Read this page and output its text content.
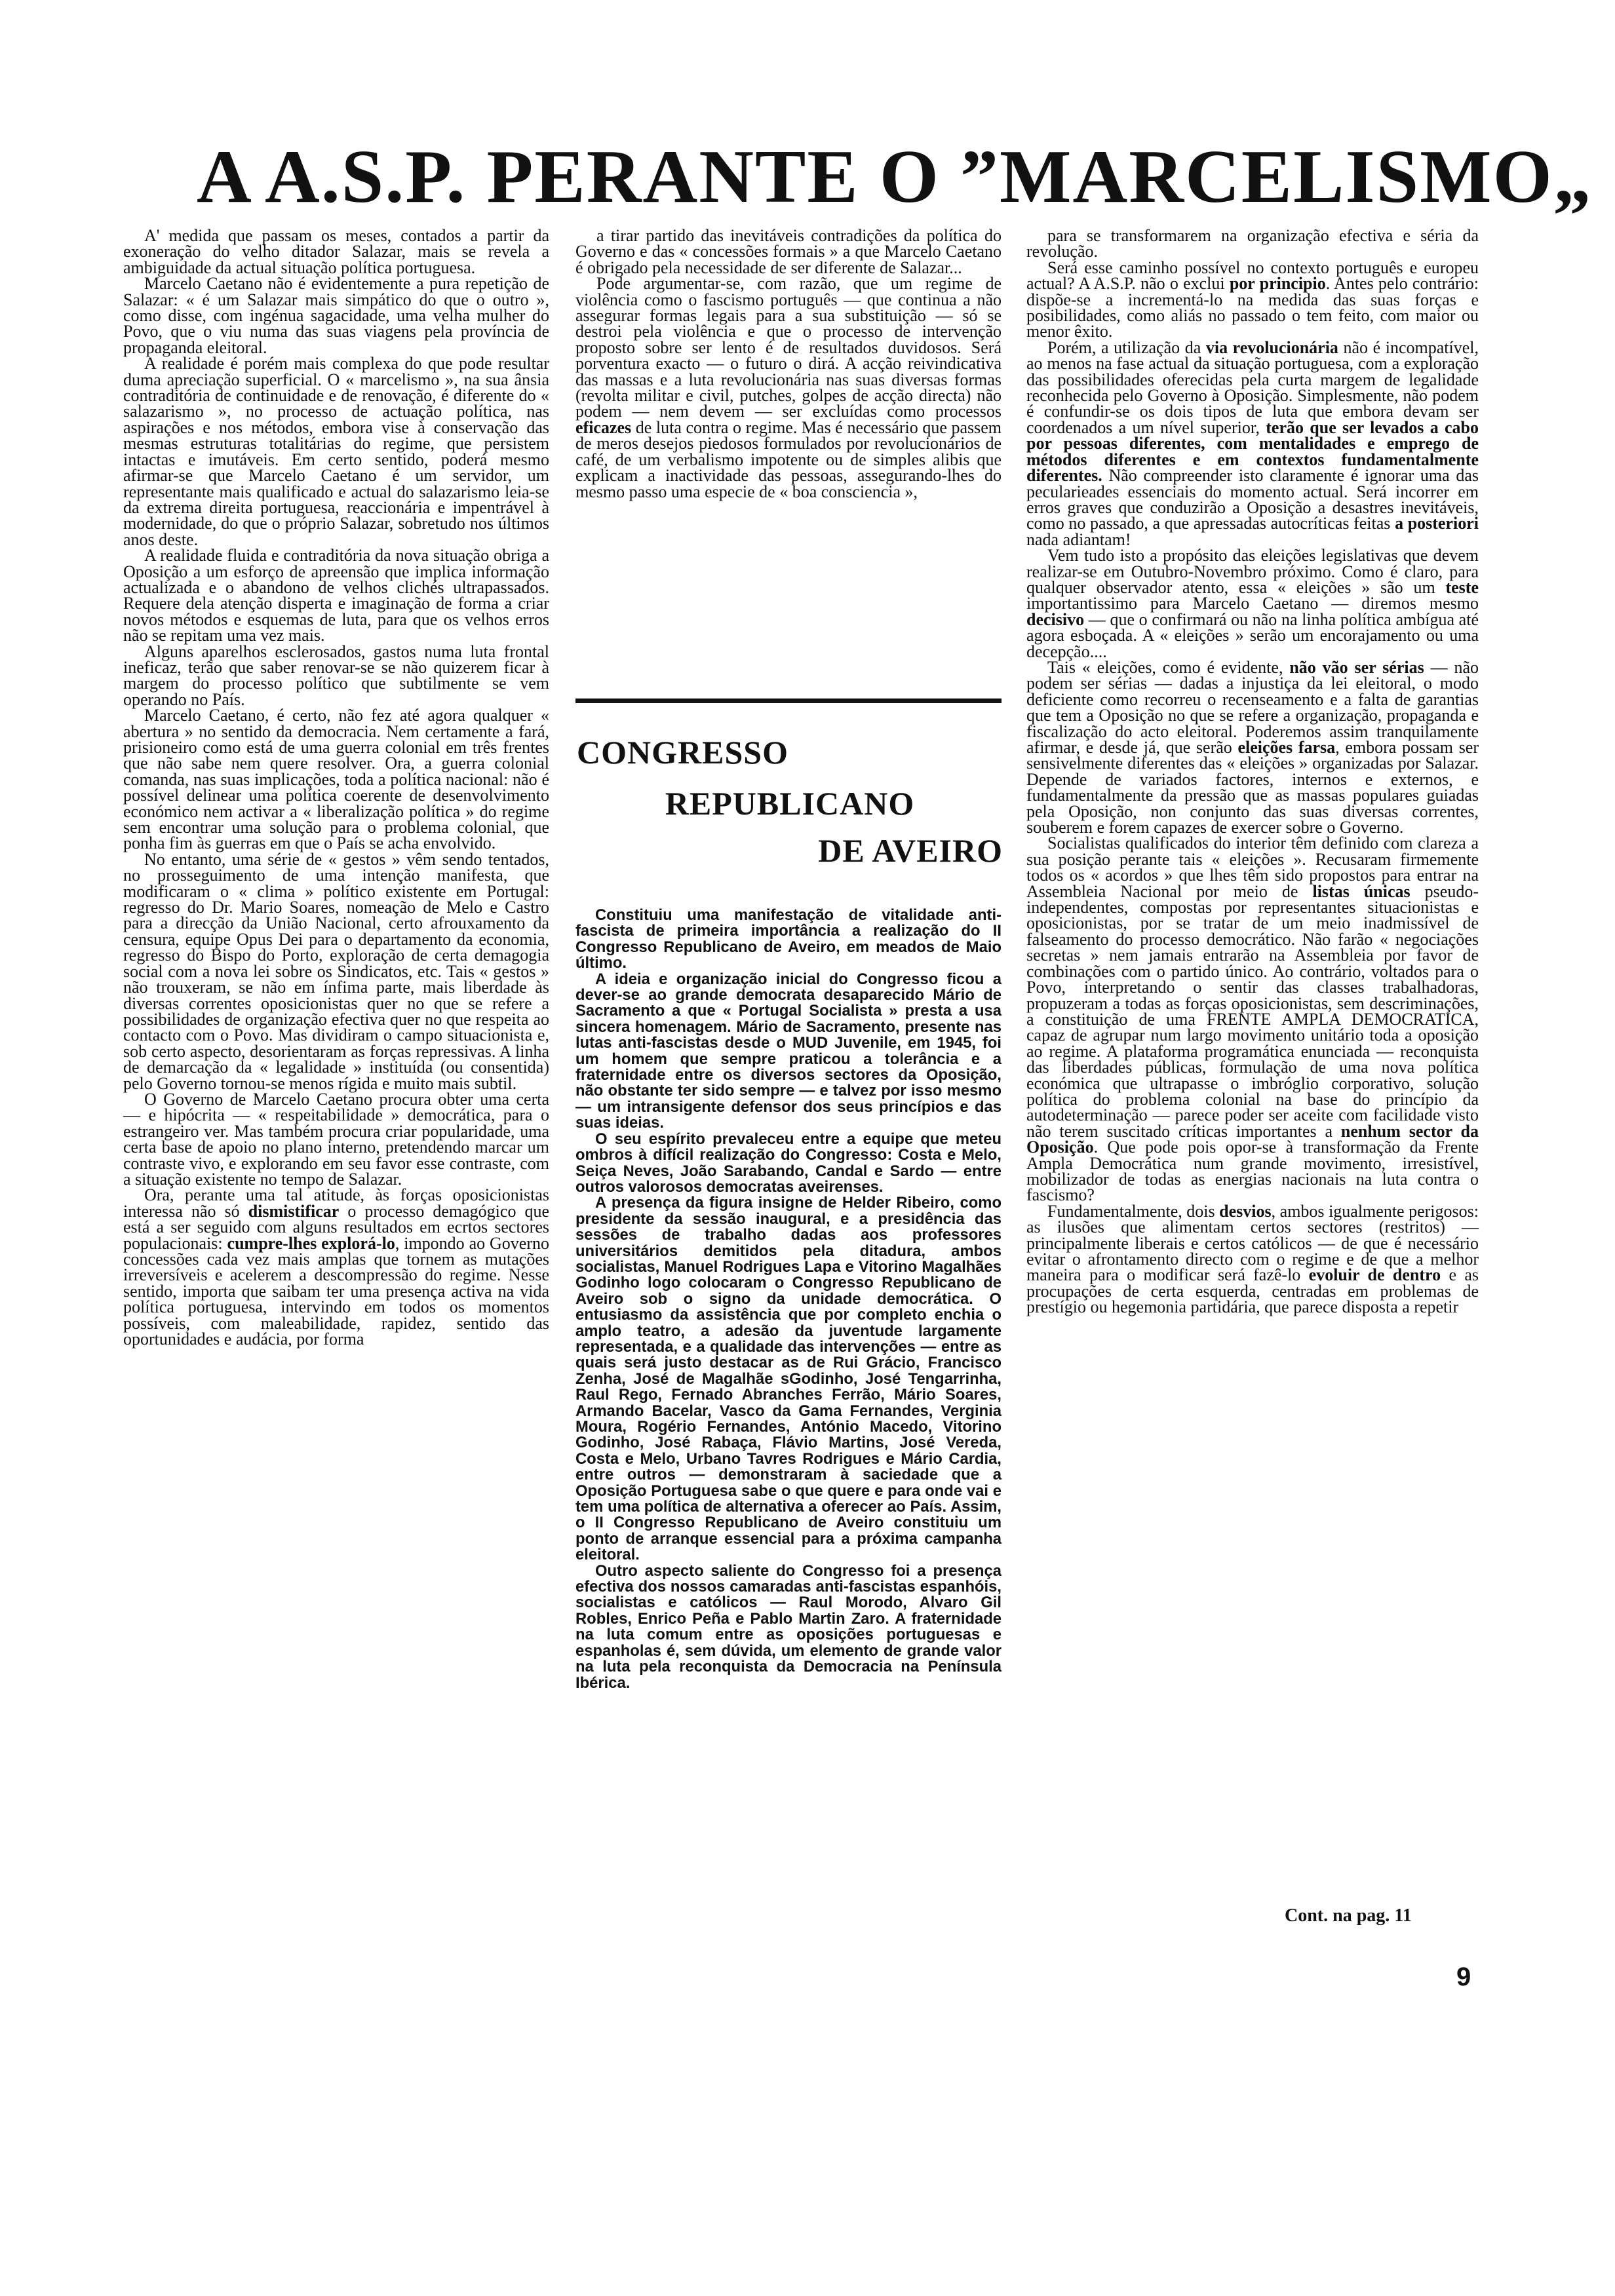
A A.S.P. PERANTE O ”MARCELISMO„

A' medida que passam os meses, contados a partir da exoneração do velho ditador Salazar, mais se revela a ambiguidade da actual situação política portuguesa.

Marcelo Caetano não é evidentemente a pura repetição de Salazar: « é um Salazar mais simpático do que o outro », como disse, com ingénua sagacidade, uma velha mulher do Povo, que o viu numa das suas viagens pela província de propaganda eleitoral.

A realidade é porém mais complexa do que pode resultar duma apreciação superficial. O « marcelismo », na sua ânsia contraditória de continuidade e de renovação, é diferente do « salazarismo », no processo de actuação política, nas aspirações e nos métodos, embora vise à conservação das mesmas estruturas totalitárias do regime, que persistem intactas e imutáveis. Em certo sentido, poderá mesmo afirmar-se que Marcelo Caetano é um servidor, um representante mais qualificado e actual do salazarismo leia-se da extrema direita portuguesa, reaccionária e impentrável à modernidade, do que o próprio Salazar, sobretudo nos últimos anos deste.

A realidade fluida e contraditória da nova situação obriga a Oposição a um esforço de apreensão que implica informação actualizada e o abandono de velhos clichés ultrapassados. Requere dela atenção disperta e imaginação de forma a criar novos métodos e esquemas de luta, para que os velhos erros não se repitam uma vez mais.

Alguns aparelhos esclerosados, gastos numa luta frontal ineficaz, terão que saber renovar-se se não quizerem ficar à margem do processo político que subtilmente se vem operando no País.

Marcelo Caetano, é certo, não fez até agora qualquer « abertura » no sentido da democracia. Nem certamente a fará, prisioneiro como está de uma guerra colonial em três frentes que não sabe nem quere resolver. Ora, a guerra colonial comanda, nas suas implicações, toda a política nacional: não é possível delinear uma política coerente de desenvolvimento económico nem activar a « liberalização política » do regime sem encontrar uma solução para o problema colonial, que ponha fim às guerras em que o País se acha envolvido.

No entanto, uma série de « gestos » vêm sendo tentados, no prosseguimento de uma intenção manifesta, que modificaram o « clima » político existente em Portugal: regresso do Dr. Mario Soares, nomeação de Melo e Castro para a direcção da União Nacional, certo afrouxamento da censura, equipe Opus Dei para o departamento da economia, regresso do Bispo do Porto, exploração de certa demagogia social com a nova lei sobre os Sindicatos, etc. Tais « gestos » não trouxeram, se não em ínfima parte, mais liberdade às diversas correntes oposicionistas quer no que se refere a possibilidades de organização efectiva quer no que respeita ao contacto com o Povo. Mas dividiram o campo situacionista e, sob certo aspecto, desorientaram as forças repressivas. A linha de demarcação da « legalidade » instituída (ou consentida) pelo Governo tornou-se menos rígida e muito mais subtil.

O Governo de Marcelo Caetano procura obter uma certa — e hipócrita — « respeitabilidade » democrática, para o estrangeiro ver. Mas também procura criar popularidade, uma certa base de apoio no plano interno, pretendendo marcar um contraste vivo, e explorando em seu favor esse contraste, com a situação existente no tempo de Salazar.

Ora, perante uma tal atitude, às forças oposicionistas interessa não só dismistificar o processo demagógico que está a ser seguido com alguns resultados em ecrtos sectores populacionais: cumpre-lhes explorá-lo, impondo ao Governo concessões cada vez mais amplas que tornem as mutações irreversíveis e acelerem a descompressão do regime. Nesse sentido, importa que saibam ter uma presença activa na vida política portuguesa, intervindo em todos os momentos possíveis, com maleabilidade, rapidez, sentido das oportunidades e audácia, por forma

a tirar partido das inevitáveis contradições da política do Governo e das « concessões formais » a que Marcelo Caetano é obrigado pela necessidade de ser diferente de Salazar...

Pode argumentar-se, com razão, que um regime de violência como o fascismo português — que continua a não assegurar formas legais para a sua substituição — só se destroi pela violência e que o processo de intervenção proposto sobre ser lento é de resultados duvidosos. Será porventura exacto — o futuro o dirá. A acção reivindicativa das massas e a luta revolucionária nas suas diversas formas (revolta militar e civil, putches, golpes de acção directa) não podem — nem devem — ser excluídas como processos eficazes de luta contra o regime. Mas é necessário que passem de meros desejos piedosos formulados por revolucionários de café, de um verbalismo impotente ou de simples alibis que explicam a inactividade das pessoas, assegurando-lhes do mesmo passo uma especie de « boa consciencia »,

CONGRESSO
REPUBLICANO
DE AVEIRO

Constituiu uma manifestação de vitalidade anti-fascista de primeira importância a realização do II Congresso Republicano de Aveiro, em meados de Maio último.

A ideia e organização inicial do Congresso ficou a dever-se ao grande democrata desaparecido Mário de Sacramento a que « Portugal Socialista » presta a usa sincera homenagem. Mário de Sacramento, presente nas lutas anti-fascistas desde o MUD Juvenile, em 1945, foi um homem que sempre praticou a tolerância e a fraternidade entre os diversos sectores da Oposição, não obstante ter sido sempre — e talvez por isso mesmo — um intransigente defensor dos seus princípios e das suas ideias.

O seu espírito prevaleceu entre a equipe que meteu ombros à difícil realização do Congresso: Costa e Melo, Seiça Neves, João Sarabando, Candal e Sardo — entre outros valorosos democratas aveirenses.

A presença da figura insigne de Helder Ribeiro, como presidente da sessão inaugural, e a presidência das sessões de trabalho dadas aos professores universitários demitidos pela ditadura, ambos socialistas, Manuel Rodrigues Lapa e Vitorino Magalhães Godinho logo colocaram o Congresso Republicano de Aveiro sob o signo da unidade democrática. O entusiasmo da assistência que por completo enchia o amplo teatro, a adesão da juventude largamente representada, e a qualidade das intervenções — entre as quais será justo destacar as de Rui Grácio, Francisco Zenha, José de Magalhãe sGodinho, José Tengarrinha, Raul Rego, Fernado Abranches Ferrão, Mário Soares, Armando Bacelar, Vasco da Gama Fernandes, Verginia Moura, Rogério Fernandes, António Macedo, Vitorino Godinho, José Rabaça, Flávio Martins, José Vereda, Costa e Melo, Urbano Tavres Rodrigues e Mário Cardia, entre outros — demonstraram à saciedade que a Oposição Portuguesa sabe o que quere e para onde vai e tem uma política de alternativa a oferecer ao País. Assim, o II Congresso Republicano de Aveiro constituiu um ponto de arranque essencial para a próxima campanha eleitoral.

Outro aspecto saliente do Congresso foi a presença efectiva dos nossos camaradas anti-fascistas espanhóis, socialistas e católicos — Raul Morodo, Alvaro Gil Robles, Enrico Peña e Pablo Martin Zaro. A fraternidade na luta comum entre as oposições portuguesas e espanholas é, sem dúvida, um elemento de grande valor na luta pela reconquista da Democracia na Península Ibérica.

para se transformarem na organização efectiva e séria da revolução.

Será esse caminho possível no contexto português e europeu actual? A A.S.P. não o exclui por principio. Antes pelo contrário: dispõe-se a incrementá-lo na medida das suas forças e posibilidades, como aliás no passado o tem feito, com maior ou menor êxito.

Porém, a utilização da via revolucionária não é incompatível, ao menos na fase actual da situação portuguesa, com a exploração das possibilidades oferecidas pela curta margem de legalidade reconhecida pelo Governo à Oposição. Simplesmente, não podem é confundir-se os dois tipos de luta que embora devam ser coordenados a um nível superior, terão que ser levados a cabo por pessoas diferentes, com mentalidades e emprego de métodos diferentes e em contextos fundamentalmente diferentes. Não compreender isto claramente é ignorar uma das pecularieades essenciais do momento actual. Será incorrer em erros graves que conduzirão a Oposição a desastres inevitáveis, como no passado, a que apressadas autocríticas feitas a posteriori nada adiantam!

Vem tudo isto a propósito das eleições legislativas que devem realizar-se em Outubro-Novembro próximo. Como é claro, para qualquer observador atento, essa « eleições » são um teste importantissimo para Marcelo Caetano — diremos mesmo decisivo — que o confirmará ou não na linha política ambígua até agora esboçada. A « eleições » serão um encorajamento ou uma decepção....

Tais « eleições, como é evidente, não vão ser sérias — não podem ser sérias — dadas a injustiça da lei eleitoral, o modo deficiente como recorreu o recenseamento e a falta de garantias que tem a Oposição no que se refere a organização, propaganda e fiscalização do acto eleitoral. Poderemos assim tranquilamente afirmar, e desde já, que serão eleições farsa, embora possam ser sensivelmente diferentes das « eleições » organizadas por Salazar. Depende de variados factores, internos e externos, e fundamentalmente da pressão que as massas populares guiadas pela Oposição, non conjunto das suas diversas correntes, souberem e forem capazes de exercer sobre o Governo.

Socialistas qualificados do interior têm definido com clareza a sua posição perante tais « eleições ». Recusaram firmemente todos os « acordos » que lhes têm sido propostos para entrar na Assembleia Nacional por meio de listas únicas pseudo-independentes, compostas por representantes situacionistas e oposicionistas, por se tratar de um meio inadmissível de falseamento do processo democrático. Não farão « negociações secretas » nem jamais entrarão na Assembleia por favor de combinações com o partido único. Ao contrário, voltados para o Povo, interpretando o sentir das classes trabalhadoras, propuzeram a todas as forças oposicionistas, sem descriminações, a constituição de uma FRENTE AMPLA DEMOCRATICA, capaz de agrupar num largo movimento unitário toda a oposição ao regime. A plataforma programática enunciada — reconquista das liberdades públicas, formulação de uma nova política económica que ultrapasse o imbróglio corporativo, solução política do problema colonial na base do princípio da autodeterminação — parece poder ser aceite com facilidade visto não terem suscitado críticas importantes a nenhum sector da Oposição. Que pode pois opor-se à transformação da Frente Ampla Democrática num grande movimento, irresistível, mobilizador de todas as energias nacionais na luta contra o fascismo?

Fundamentalmente, dois desvios, ambos igualmente perigosos: as ilusões que alimentam certos sectores (restritos) — principalmente liberais e certos católicos — de que é necessário evitar o afrontamento directo com o regime e de que a melhor maneira para o modificar será fazê-lo evoluir de dentro e as procupações de certa esquerda, centradas em problemas de prestígio ou hegemonia partidária, que parece disposta a repetir

Cont. na pag. 11
9
